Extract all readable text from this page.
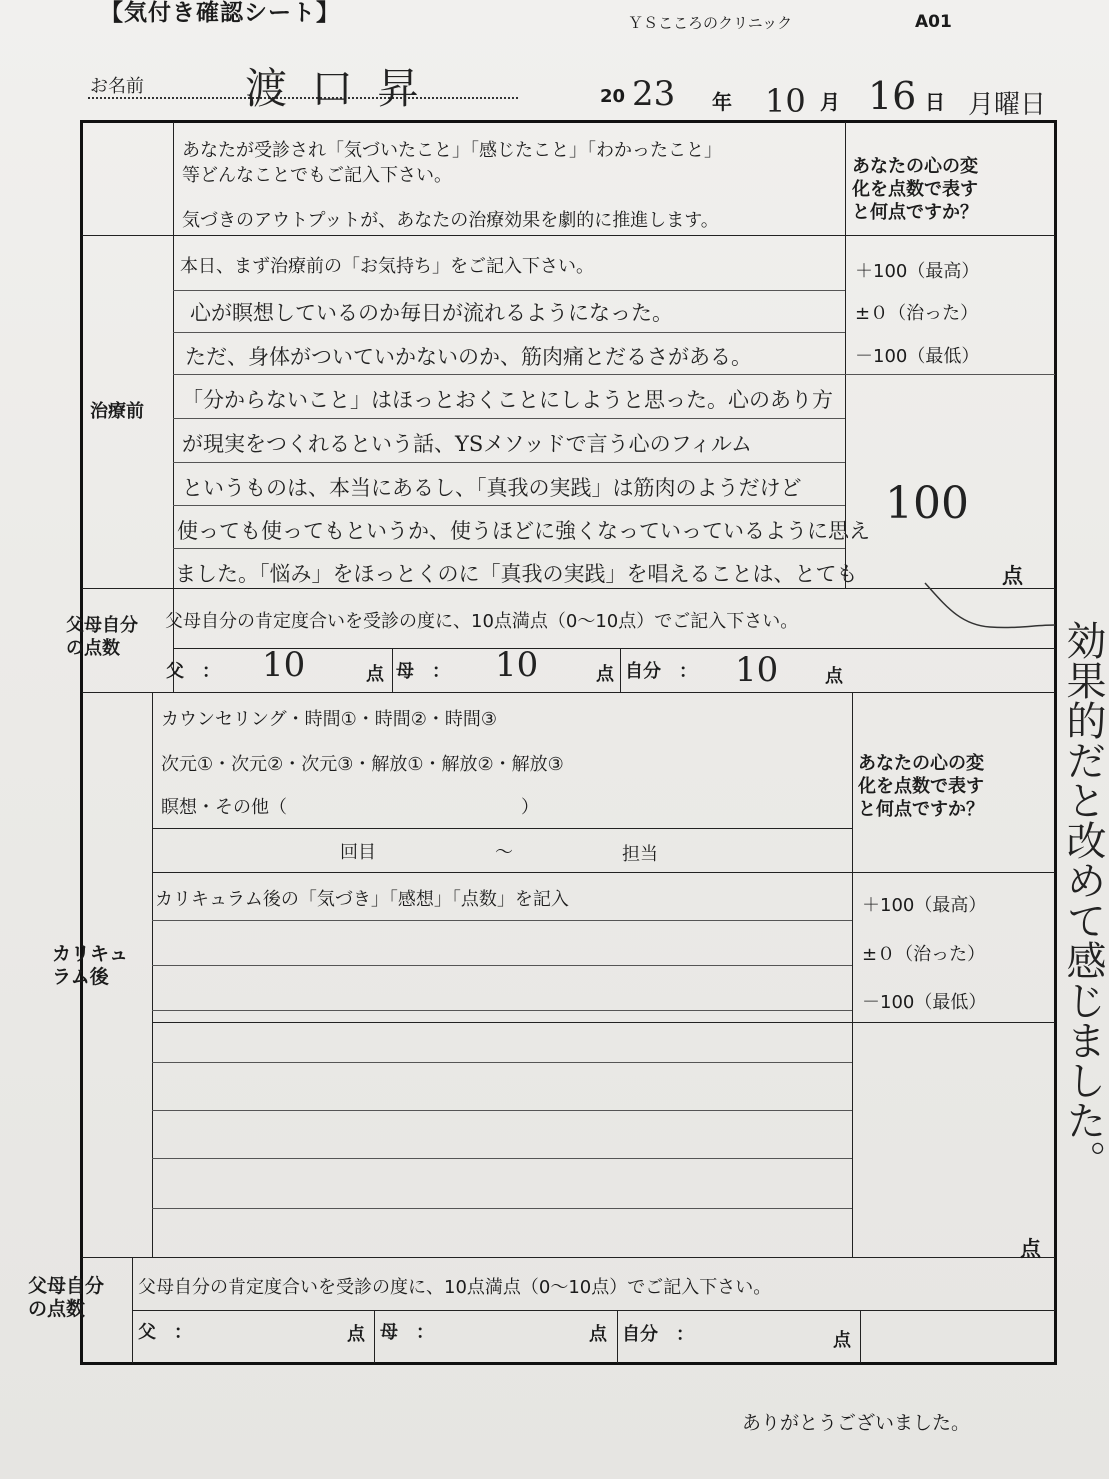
【気付き確認シート】	ＹＳこころのクリニック	A01
お名前 渡口昇	20 23 年 10 月 16 日 月曜日
あなたが受診され「気づいたこと」「感じたこと」「わかったこと」
等どんなことでもご記入下さい。
気づきのアウトプットが、あなたの治療効果を劇的に推進します。
あなたの心の変
化を点数で表す
と何点ですか？
治療前
本日、まず治療前の「お気持ち」をご記入下さい。	＋100（最高）
±０（治った）
－100（最低）
心が瞑想しているのか毎日が流れるようになった。
ただ、身体がついていかないのか、筋肉痛とだるさがある。
「分からないこと」はほっとおくことにしようと思った。心のあり方
が現実をつくれるという話、YSメソッドで言う心のフィルム
というものは、本当にあるし、「真我の実践」は筋肉のようだけど
使っても使ってもというか、使うほどに強くなっていっているように思え
ました。「悩み」をほっとくのに「真我の実践」を唱えることは、とても
100
点
父母自分
の点数
父母自分の肯定度合いを受診の度に、10点満点（0〜10点）でご記入下さい。
父　： 10	点 母　： 10	点 自分　： 10	点
カウンセリング・時間①・時間②・時間③
次元①・次元②・次元③・解放①・解放②・解放③
瞑想・その他（　　　　　　　　　　　　　）
回目	〜	担当
あなたの心の変
化を点数で表す
と何点ですか？
カリキュ
ラム後
カリキュラム後の「気づき」「感想」「点数」を記入	＋100（最高）
±０（治った）
－100（最低）
点
父母自分
の点数
父母自分の肯定度合いを受診の度に、10点満点（0〜10点）でご記入下さい。
父　：	点 母　：	点 自分　：	点
効果的だと改めて感じました。
ありがとうございました。
